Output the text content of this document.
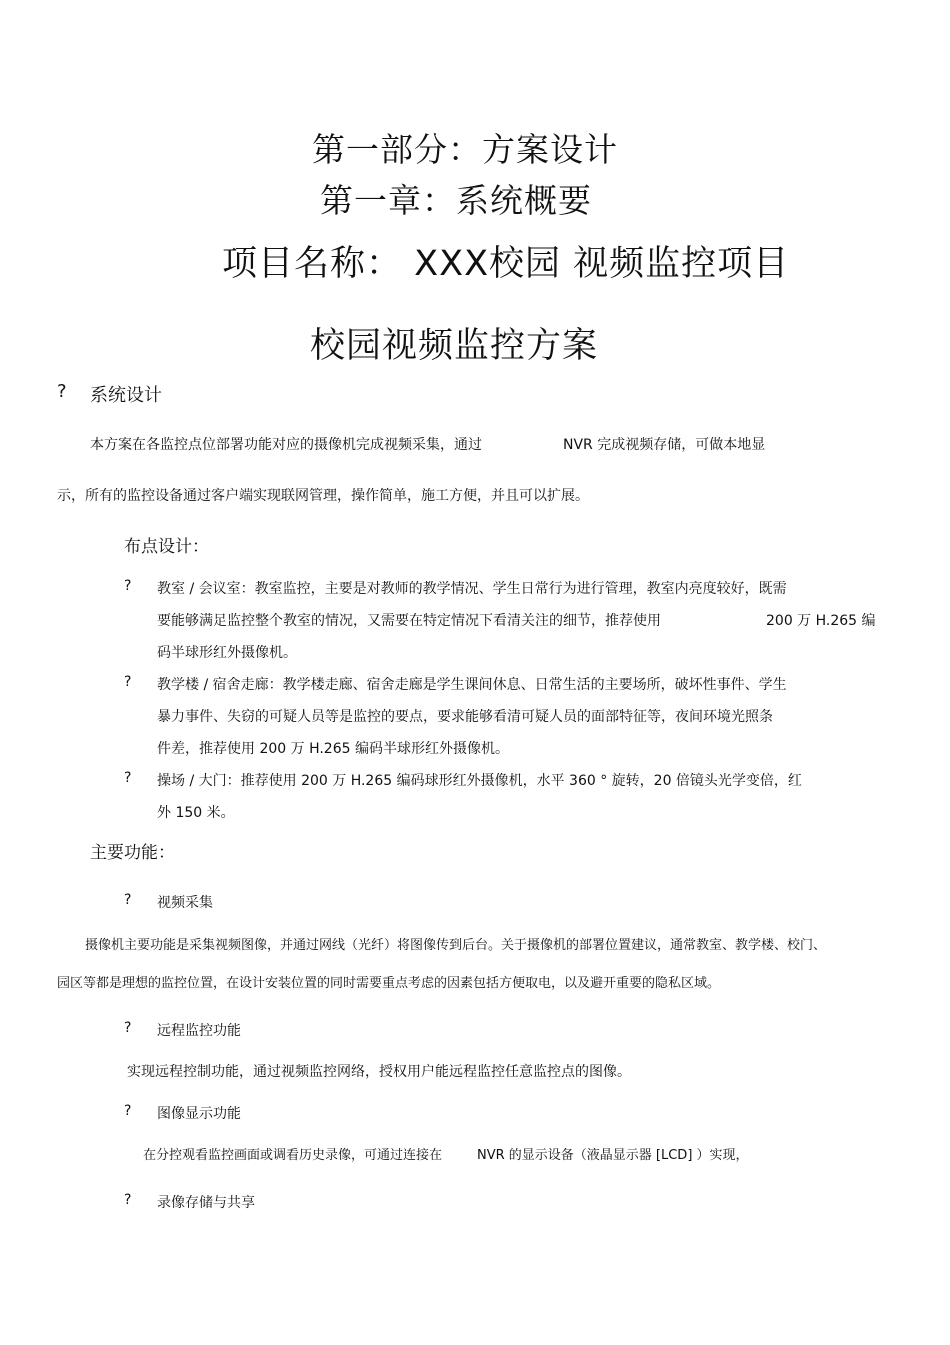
第一部分：方案设计
第一章：系统概要
项目名称： XXX校园 视频监控项目
校园视频监控方案
? 系统设计
本方案在各监控点位部署功能对应的摄像机完成视频采集，通过	NVR 完成视频存储，可做本地显
示，所有的监控设备通过客户端实现联网管理，操作简单，施工方便，并且可以扩展。
布点设计：
? 教室 / 会议室：教室监控，主要是对教师的教学情况、学生日常行为进行管理，教室内亮度较好，既需
要能够满足监控整个教室的情况，又需要在特定情况下看清关注的细节，推荐使用	200 万 H.265 编
码半球形红外摄像机。
? 教学楼 / 宿舍走廊：教学楼走廊、宿舍走廊是学生课间休息、日常生活的主要场所，破坏性事件、学生
暴力事件、失窃的可疑人员等是监控的要点，要求能够看清可疑人员的面部特征等，夜间环境光照条
件差，推荐使用 200 万 H.265 编码半球形红外摄像机。
? 操场 / 大门：推荐使用 200 万 H.265 编码球形红外摄像机，水平 360 ° 旋转，20 倍镜头光学变倍，红
外 150 米。
主要功能：
? 视频采集
摄像机主要功能是采集视频图像，并通过网线（光纤）将图像传到后台。关于摄像机的部署位置建议，通常教室、教学楼、校门、
园区等都是理想的监控位置，在设计安装位置的同时需要重点考虑的因素包括方便取电，以及避开重要的隐私区域。
? 远程监控功能
实现远程控制功能，通过视频监控网络，授权用户能远程监控任意监控点的图像。
? 图像显示功能
在分控观看监控画面或调看历史录像，可通过连接在	NVR 的显示设备（液晶显示器 [LCD] ）实现，
? 录像存储与共享
